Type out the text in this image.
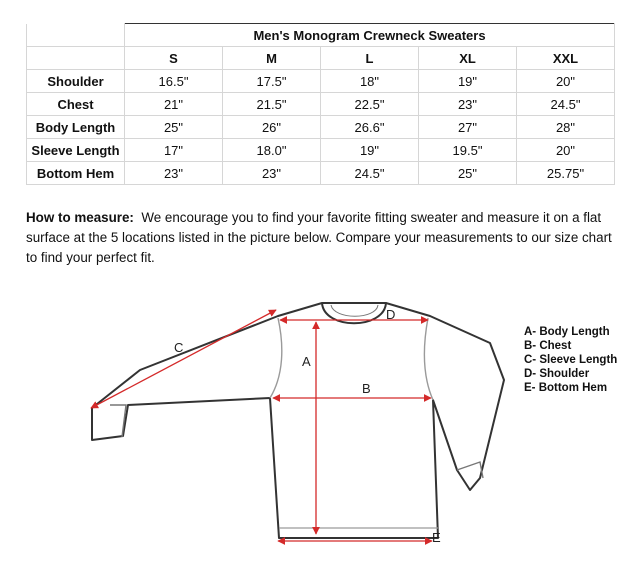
	Men's Monogram Crewneck Sweaters				
	S	M	L	XL	XXL
Shoulder	16.5"	17.5"	18"	19"	20"
Chest	21"	21.5"	22.5"	23"	24.5"
Body Length	25"	26"	26.6"	27"	28"
Sleeve Length	17"	18.0"	19"	19.5"	20"
Bottom Hem	23"	23"	24.5"	25"	25.75"

How to measure: We encourage you to find your favorite fitting sweater and measure it on a flat surface at the 5 locations listed in the picture below. Compare your measurements to our size chart to find your perfect fit.

C
D
A
B
E
A- Body Length
B- Chest
C- Sleeve Length
D- Shoulder
E- Bottom Hem
